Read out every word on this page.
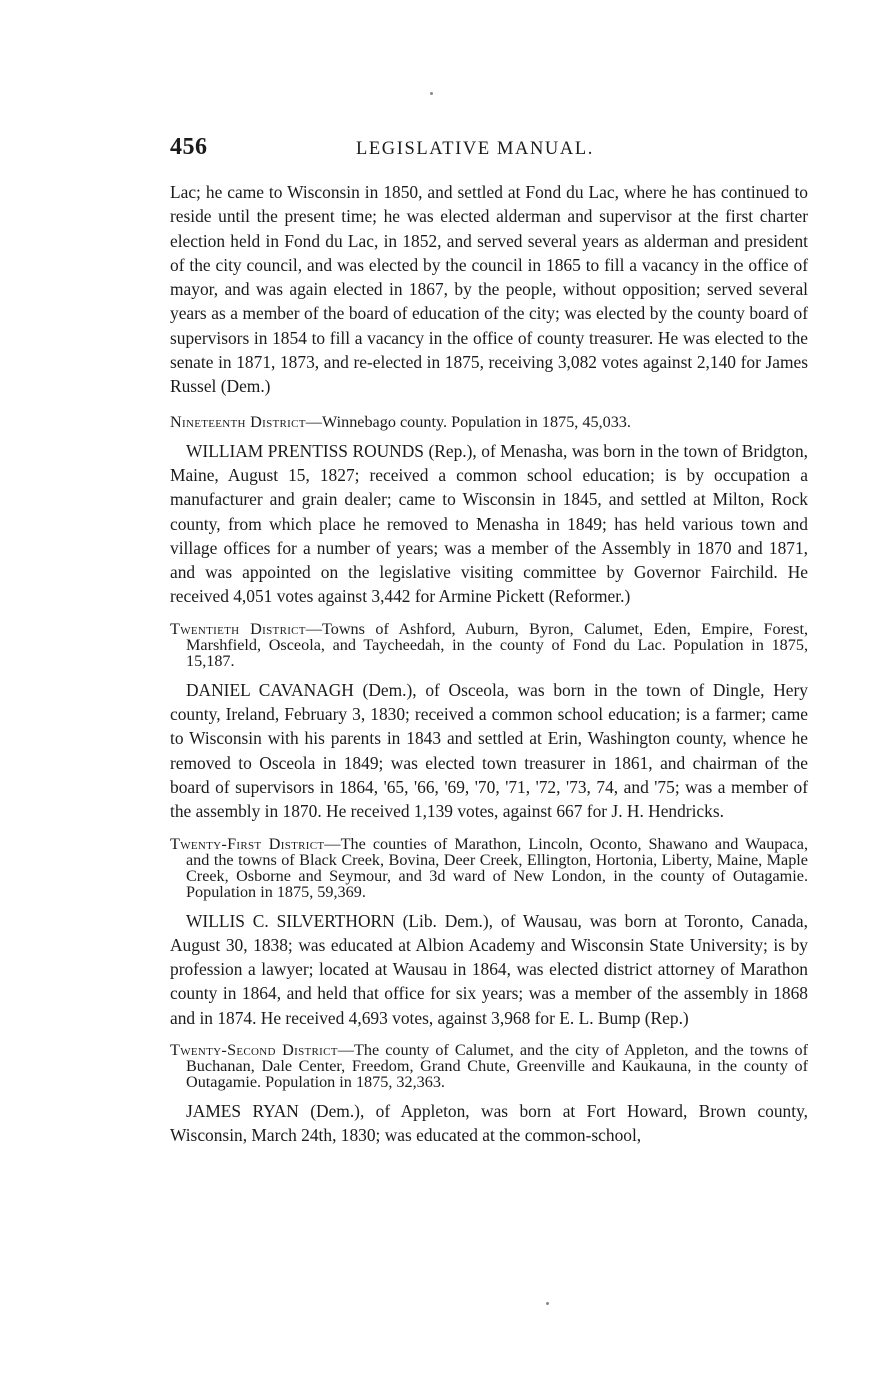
456	LEGISLATIVE MANUAL.

Lac; he came to Wisconsin in 1850, and settled at Fond du Lac, where he has continued to reside until the present time; he was elected alderman and supervisor at the first charter election held in Fond du Lac, in 1852, and served several years as alderman and president of the city council, and was elected by the council in 1865 to fill a vacancy in the office of mayor, and was again elected in 1867, by the people, without opposition; served several years as a member of the board of education of the city; was elected by the county board of supervisors in 1854 to fill a vacancy in the office of county treasurer. He was elected to the senate in 1871, 1873, and re-elected in 1875, receiving 3,082 votes against 2,140 for James Russel (Dem.)

Nineteenth District—Winnebago county. Population in 1875, 45,033.

WILLIAM PRENTISS ROUNDS (Rep.), of Menasha, was born in the town of Bridgton, Maine, August 15, 1827; received a common school education; is by occupation a manufacturer and grain dealer; came to Wisconsin in 1845, and settled at Milton, Rock county, from which place he removed to Menasha in 1849; has held various town and village offices for a number of years; was a member of the Assembly in 1870 and 1871, and was appointed on the legislative visiting committee by Governor Fairchild. He received 4,051 votes against 3,442 for Armine Pickett (Reformer.)

Twentieth District—Towns of Ashford, Auburn, Byron, Calumet, Eden, Empire, Forest, Marshfield, Osceola, and Taycheedah, in the county of Fond du Lac. Population in 1875, 15,187.

DANIEL CAVANAGH (Dem.), of Osceola, was born in the town of Dingle, Hery county, Ireland, February 3, 1830; received a common school education; is a farmer; came to Wisconsin with his parents in 1843 and settled at Erin, Washington county, whence he removed to Osceola in 1849; was elected town treasurer in 1861, and chairman of the board of supervisors in 1864, '65, '66, '69, '70, '71, '72, '73, 74, and '75; was a member of the assembly in 1870. He received 1,139 votes, against 667 for J. H. Hendricks.

Twenty-First District—The counties of Marathon, Lincoln, Oconto, Shawano and Waupaca, and the towns of Black Creek, Bovina, Deer Creek, Ellington, Hortonia, Liberty, Maine, Maple Creek, Osborne and Seymour, and 3d ward of New London, in the county of Outagamie. Population in 1875, 59,369.

WILLIS C. SILVERTHORN (Lib. Dem.), of Wausau, was born at Toronto, Canada, August 30, 1838; was educated at Albion Academy and Wisconsin State University; is by profession a lawyer; located at Wausau in 1864, was elected district attorney of Marathon county in 1864, and held that office for six years; was a member of the assembly in 1868 and in 1874. He received 4,693 votes, against 3,968 for E. L. Bump (Rep.)

Twenty-Second District—The county of Calumet, and the city of Appleton, and the towns of Buchanan, Dale Center, Freedom, Grand Chute, Greenville and Kaukauna, in the county of Outagamie. Population in 1875, 32,363.

JAMES RYAN (Dem.), of Appleton, was born at Fort Howard, Brown county, Wisconsin, March 24th, 1830; was educated at the common-school,
